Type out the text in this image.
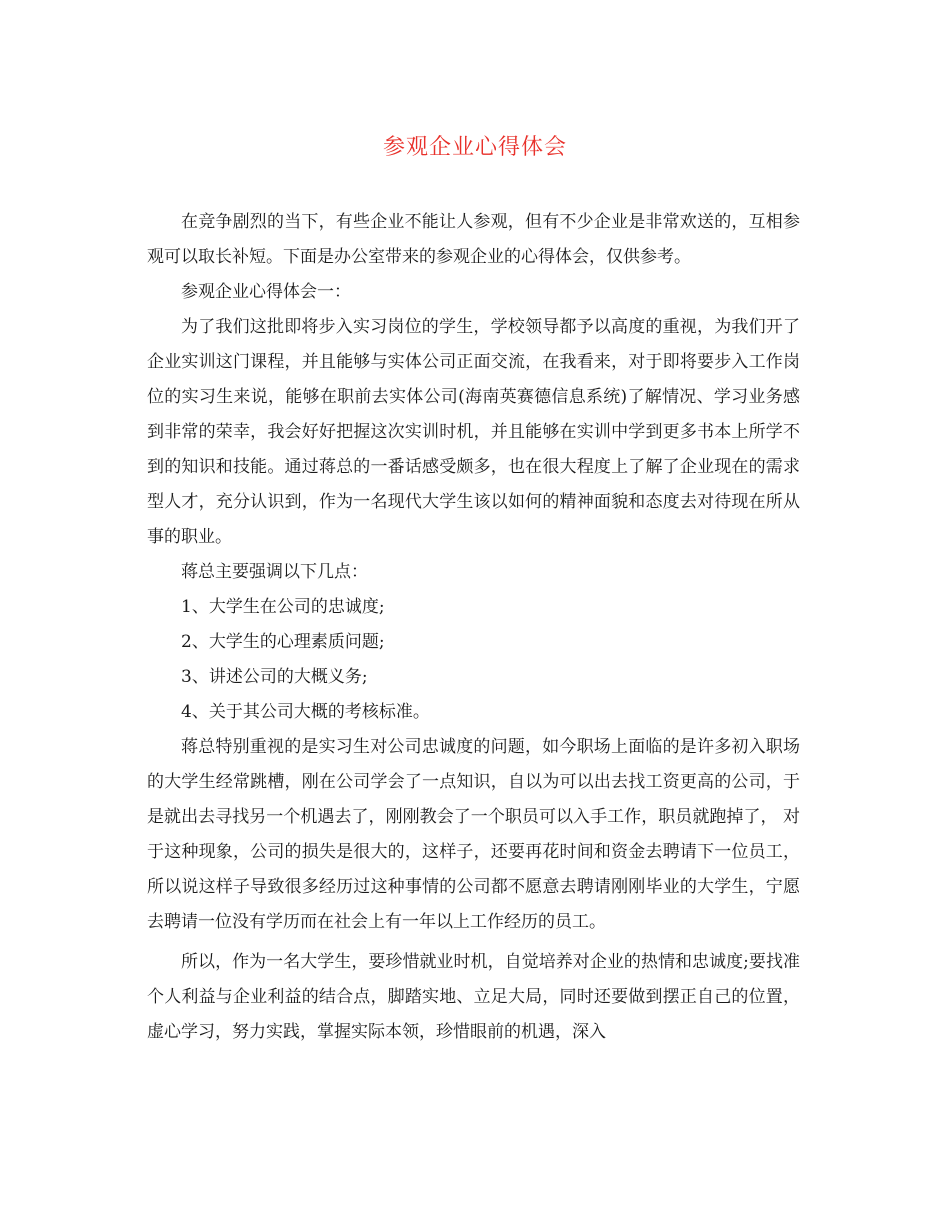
参观企业心得体会

在竞争剧烈的当下，有些企业不能让人参观，但有不少企业是非常欢送的，互相参观可以取长补短。下面是办公室带来的参观企业的心得体会，仅供参考。

参观企业心得体会一：

为了我们这批即将步入实习岗位的学生，学校领导都予以高度的重视，为我们开了企业实训这门课程，并且能够与实体公司正面交流，在我看来，对于即将要步入工作岗位的实习生来说，能够在职前去实体公司(海南英赛德信息系统)了解情况、学习业务感到非常的荣幸，我会好好把握这次实训时机，并且能够在实训中学到更多书本上所学不到的知识和技能。通过蒋总的一番话感受颇多，也在很大程度上了解了企业现在的需求型人才，充分认识到，作为一名现代大学生该以如何的精神面貌和态度去对待现在所从事的职业。

蒋总主要强调以下几点：

1、大学生在公司的忠诚度;

2、大学生的心理素质问题;

3、讲述公司的大概义务;

4、关于其公司大概的考核标准。

蒋总特别重视的是实习生对公司忠诚度的问题，如今职场上面临的是许多初入职场的大学生经常跳槽，刚在公司学会了一点知识，自以为可以出去找工资更高的公司，于是就出去寻找另一个机遇去了，刚刚教会了一个职员可以入手工作，职员就跑掉了， 对于这种现象，公司的损失是很大的，这样子，还要再花时间和资金去聘请下一位员工，所以说这样子导致很多经历过这种事情的公司都不愿意去聘请刚刚毕业的大学生，宁愿去聘请一位没有学历而在社会上有一年以上工作经历的员工。

所以，作为一名大学生，要珍惜就业时机，自觉培养对企业的热情和忠诚度;要找准个人利益与企业利益的结合点，脚踏实地、立足大局，同时还要做到摆正自己的位置，虚心学习，努力实践，掌握实际本领，珍惜眼前的机遇，深入
